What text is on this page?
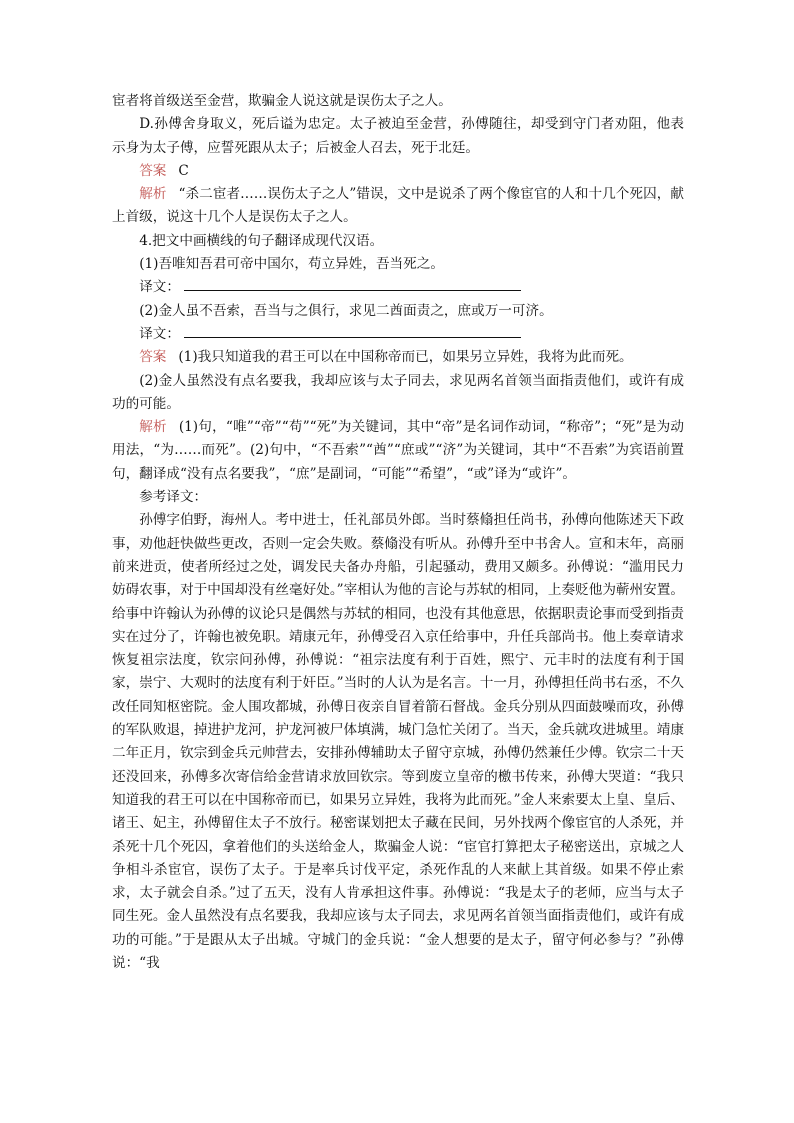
宦者将首级送至金营，欺骗金人说这就是误伤太子之人。

D.孙傅舍身取义，死后谥为忠定。太子被迫至金营，孙傅随往，却受到守门者劝阻，他表示身为太子傅，应誓死跟从太子；后被金人召去，死于北廷。

答案 C

解析 “杀二宦者……误伤太子之人”错误，文中是说杀了两个像宦官的人和十几个死囚，献上首级，说这十几个人是误伤太子之人。

4.把文中画横线的句子翻译成现代汉语。

(1)吾唯知吾君可帝中国尔，苟立异姓，吾当死之。

译文：

(2)金人虽不吾索，吾当与之俱行，求见二酋面责之，庶或万一可济。

译文：

答案 (1)我只知道我的君王可以在中国称帝而已，如果另立异姓，我将为此而死。

(2)金人虽然没有点名要我，我却应该与太子同去，求见两名首领当面指责他们，或许有成功的可能。

解析 (1)句，“唯”“帝”“苟”“死”为关键词，其中“帝”是名词作动词，“称帝”；“死”是为动用法，“为……而死”。(2)句中，“不吾索”“酋”“庶或”“济”为关键词，其中“不吾索”为宾语前置句，翻译成“没有点名要我”，“庶”是副词，“可能”“希望”，“或”译为“或许”。

参考译文：

孙傅字伯野，海州人。考中进士，任礼部员外郎。当时蔡翛担任尚书，孙傅向他陈述天下政事，劝他赶快做些更改，否则一定会失败。蔡翛没有听从。孙傅升至中书舍人。宣和末年，高丽前来进贡，使者所经过之处，调发民夫备办舟船，引起骚动，费用又颇多。孙傅说：“滥用民力妨碍农事，对于中国却没有丝毫好处。”宰相认为他的言论与苏轼的相同，上奏贬他为蕲州安置。给事中许翰认为孙傅的议论只是偶然与苏轼的相同，也没有其他意思，依据职责论事而受到指责实在过分了，许翰也被免职。靖康元年，孙傅受召入京任给事中，升任兵部尚书。他上奏章请求恢复祖宗法度，钦宗问孙傅，孙傅说：“祖宗法度有利于百姓，熙宁、元丰时的法度有利于国家，崇宁、大观时的法度有利于奸臣。”当时的人认为是名言。十一月，孙傅担任尚书右丞，不久改任同知枢密院。金人围攻都城，孙傅日夜亲自冒着箭石督战。金兵分别从四面鼓噪而攻，孙傅的军队败退，掉进护龙河，护龙河被尸体填满，城门急忙关闭了。当天，金兵就攻进城里。靖康二年正月，钦宗到金兵元帅营去，安排孙傅辅助太子留守京城，孙傅仍然兼任少傅。钦宗二十天还没回来，孙傅多次寄信给金营请求放回钦宗。等到废立皇帝的檄书传来，孙傅大哭道：“我只知道我的君王可以在中国称帝而已，如果另立异姓，我将为此而死。”金人来索要太上皇、皇后、诸王、妃主，孙傅留住太子不放行。秘密谋划把太子藏在民间，另外找两个像宦官的人杀死，并杀死十几个死囚，拿着他们的头送给金人，欺骗金人说：“宦官打算把太子秘密送出，京城之人争相斗杀宦官，误伤了太子。于是率兵讨伐平定，杀死作乱的人来献上其首级。如果不停止索求，太子就会自杀。”过了五天，没有人肯承担这件事。孙傅说：“我是太子的老师，应当与太子同生死。金人虽然没有点名要我，我却应该与太子同去，求见两名首领当面指责他们，或许有成功的可能。”于是跟从太子出城。守城门的金兵说：“金人想要的是太子，留守何必参与？”孙傅说：“我
